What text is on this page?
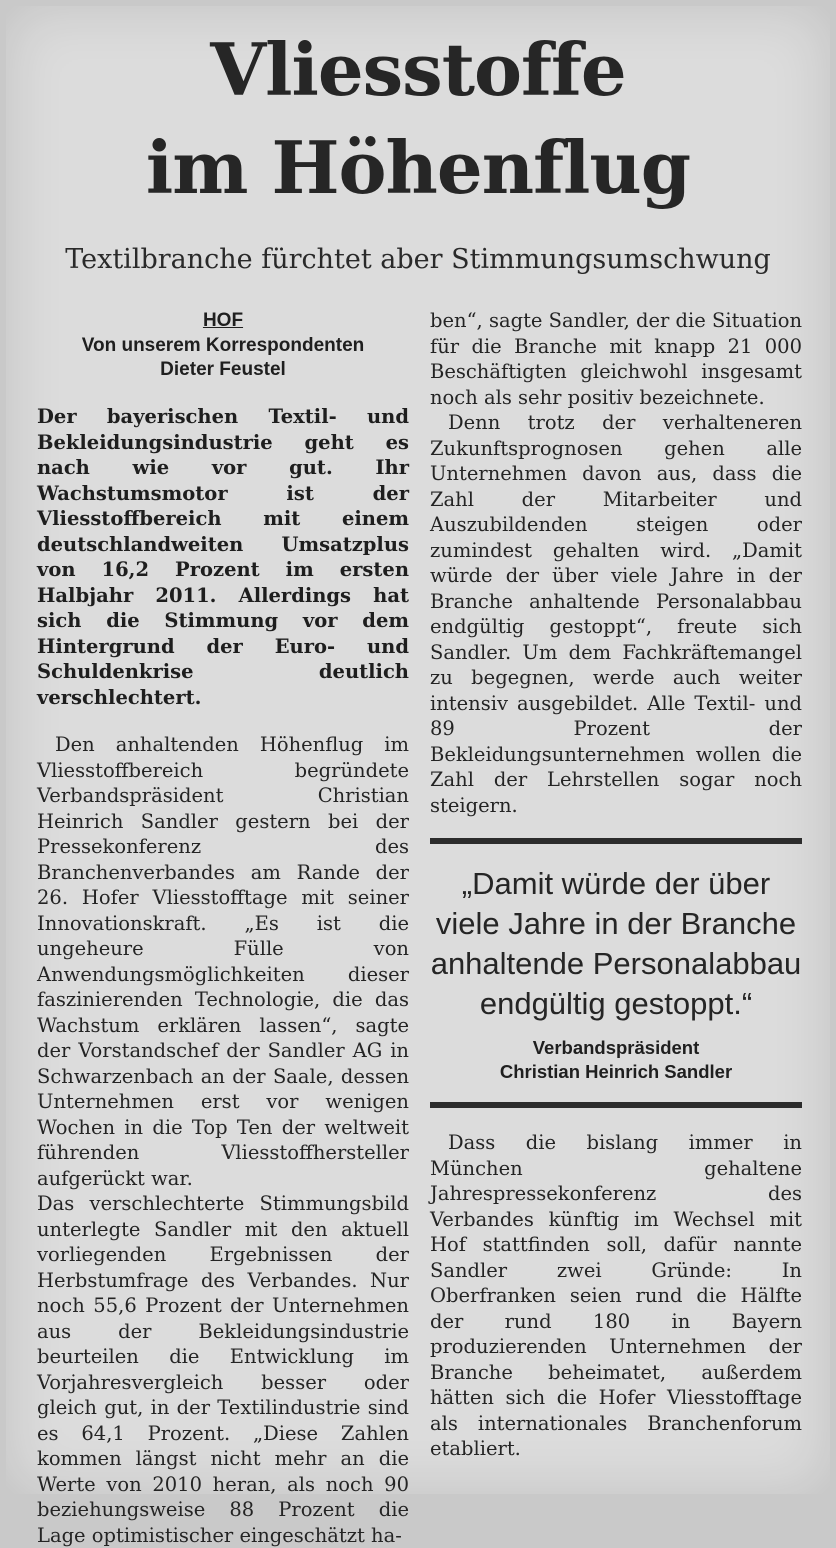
Vliesstoffe
im Höhenflug
Textilbranche fürchtet aber Stimmungsumschwung
HOF
Von unserem Korrespondenten
Dieter Feustel

Der bayerischen Textil- und Bekleidungsindustrie geht es nach wie vor gut. Ihr Wachstumsmotor ist der Vliesstoffbereich mit einem deutschlandweiten Umsatzplus von 16,2 Prozent im ersten Halbjahr 2011. Allerdings hat sich die Stimmung vor dem Hintergrund der Euro- und Schuldenkrise deutlich verschlechtert.

Den anhaltenden Höhenflug im Vliesstoffbereich begründete Verbandspräsident Christian Heinrich Sandler gestern bei der Pressekonferenz des Branchenverbandes am Rande der 26. Hofer Vliesstofftage mit seiner Innovationskraft. „Es ist die ungeheure Fülle von Anwendungsmöglichkeiten dieser faszinierenden Technologie, die das Wachstum erklären lassen“, sagte der Vorstandschef der Sandler AG in Schwarzenbach an der Saale, dessen Unternehmen erst vor wenigen Wochen in die Top Ten der weltweit führenden Vliesstoffhersteller aufgerückt war.

Das verschlechterte Stimmungsbild unterlegte Sandler mit den aktuell vorliegenden Ergebnissen der Herbstumfrage des Verbandes. Nur noch 55,6 Prozent der Unternehmen aus der Bekleidungsindustrie beurteilen die Entwicklung im Vorjahresvergleich besser oder gleich gut, in der Textilindustrie sind es 64,1 Prozent. „Diese Zahlen kommen längst nicht mehr an die Werte von 2010 heran, als noch 90 beziehungsweise 88 Prozent die Lage optimistischer eingeschätzt ha-

ben“, sagte Sandler, der die Situation für die Branche mit knapp 21 000 Beschäftigten gleichwohl insgesamt noch als sehr positiv bezeichnete.

Denn trotz der verhalteneren Zukunftsprognosen gehen alle Unternehmen davon aus, dass die Zahl der Mitarbeiter und Auszubildenden steigen oder zumindest gehalten wird. „Damit würde der über viele Jahre in der Branche anhaltende Personalabbau endgültig gestoppt“, freute sich Sandler. Um dem Fachkräftemangel zu begegnen, werde auch weiter intensiv ausgebildet. Alle Textil- und 89 Prozent der Bekleidungsunternehmen wollen die Zahl der Lehrstellen sogar noch steigern.

„Damit würde der über viele Jahre in der Branche anhaltende Personalabbau endgültig gestoppt.“
Verbandspräsident
Christian Heinrich Sandler

Dass die bislang immer in München gehaltene Jahrespressekonferenz des Verbandes künftig im Wechsel mit Hof stattfinden soll, dafür nannte Sandler zwei Gründe: In Oberfranken seien rund die Hälfte der rund 180 in Bayern produzierenden Unternehmen der Branche beheimatet, außerdem hätten sich die Hofer Vliesstofftage als internationales Branchenforum etabliert.
